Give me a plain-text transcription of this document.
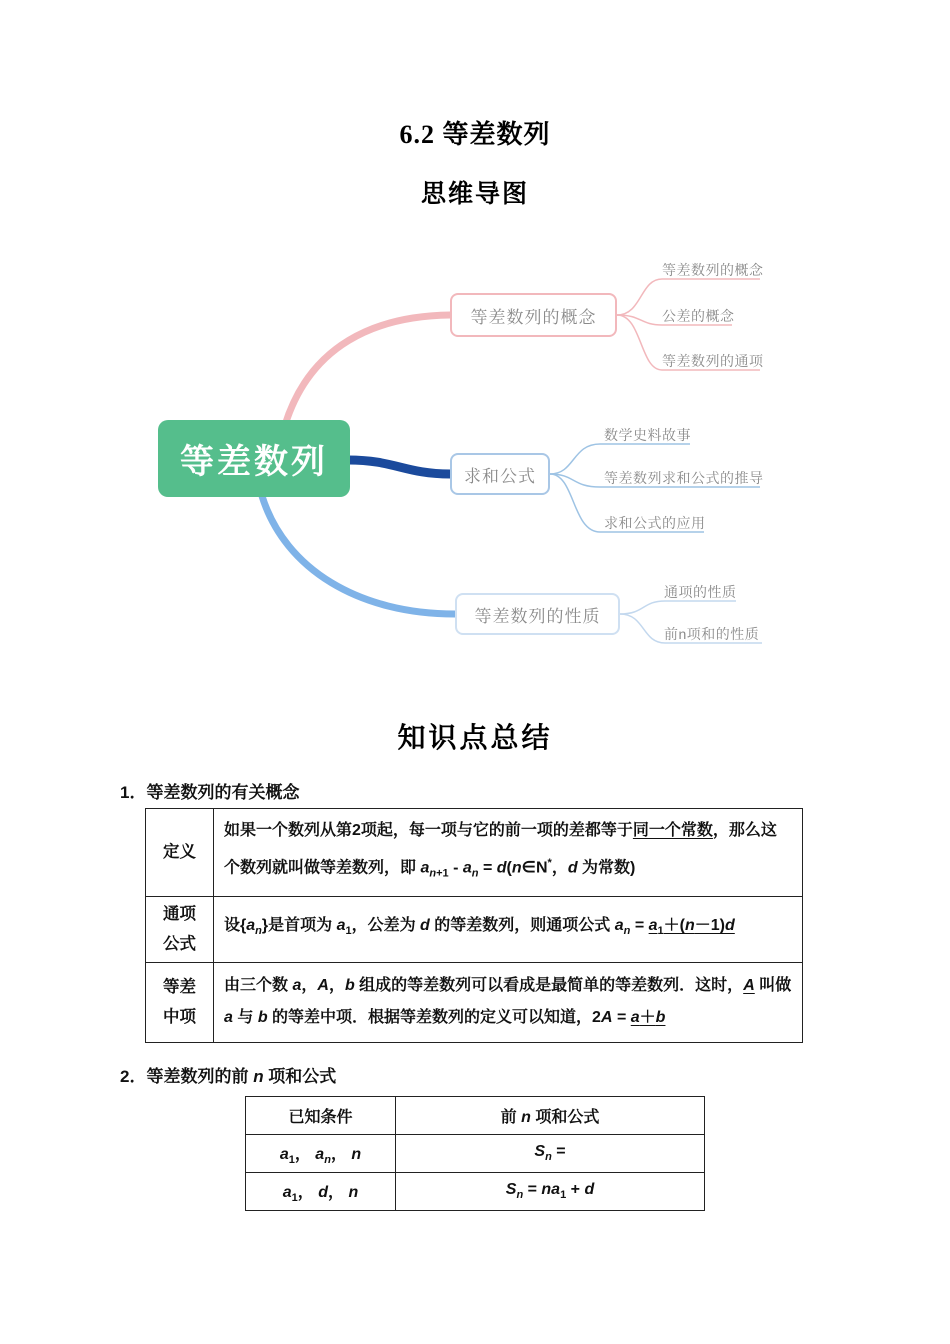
6.2 等差数列
思维导图
等差数列
等差数列的概念
求和公式
等差数列的性质
等差数列的概念
公差的概念
等差数列的通项
数学史料故事
等差数列求和公式的推导
求和公式的应用
通项的性质
前n项和的性质
知识点总结
1．等差数列的有关概念
定义	如果一个数列从第2项起，每一项与它的前一项的差都等于同一个常数，那么这个数列就叫做等差数列，即 $a_{n+1} - a_n$ = d(n∈N*，d 为常数)
通项
公式	设$\{a_n\}$是首项为 $a_1$，公差为 d 的等差数列，则通项公式 $a_n = a_1+(n-1)d$
等差
中项	由三个数 a，A，b 组成的等差数列可以看成是最简单的等差数列．这时，A 叫做 a 与 b 的等差中项．根据等差数列的定义可以知道，2A = a＋b
2．等差数列的前 n 项和公式
已知条件	前 n 项和公式
$a_1$， $a_n$， n	$S_n$ =
$a_1$， d， n	$S_n = na_1 + d$
